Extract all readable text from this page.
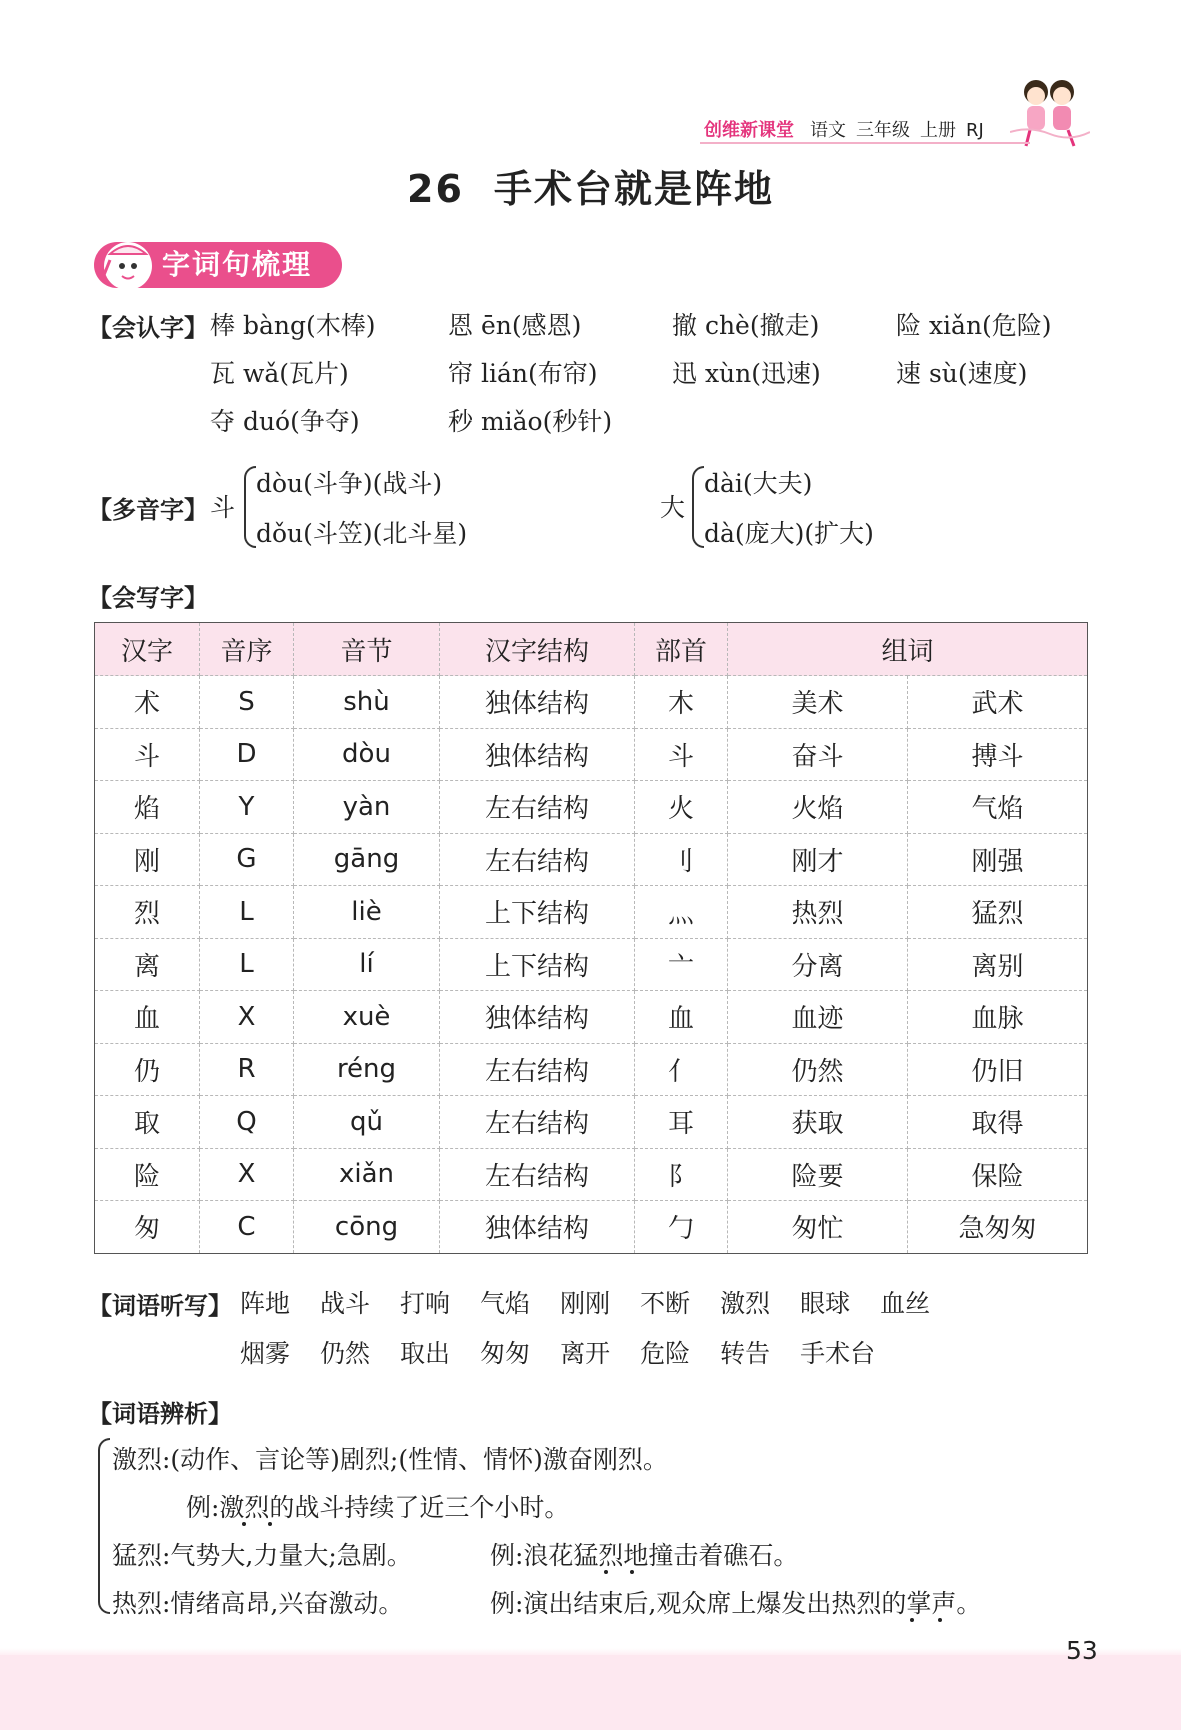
创维新课堂 语文 三年级 上册 RJ
26 手术台就是阵地
字词句梳理
【会认字】 棒 bàng(木棒)	恩 ēn(感恩)	撤 chè(撤走)	险 xiǎn(危险)
瓦 wǎ(瓦片)	帘 lián(布帘)	迅 xùn(迅速)	速 sù(速度)
夺 duó(争夺)	秒 miǎo(秒针)
【多音字】 斗
dòu(斗争)(战斗)
dǒu(斗笠)(北斗星)
大
dài(大夫)
dà(庞大)(扩大)
【会写字】
汉字	音序	音节	汉字结构	部首	组词	
术	S	shù	独体结构	木	美术	武术
斗	D	dòu	独体结构	斗	奋斗	搏斗
焰	Y	yàn	左右结构	火	火焰	气焰
刚	G	gāng	左右结构	刂	刚才	刚强
烈	L	liè	上下结构	灬	热烈	猛烈
离	L	lí	上下结构	亠	分离	离别
血	X	xuè	独体结构	血	血迹	血脉
仍	R	réng	左右结构	亻	仍然	仍旧
取	Q	qǔ	左右结构	耳	获取	取得
险	X	xiǎn	左右结构	阝	险要	保险
匆	C	cōng	独体结构	勹	匆忙	急匆匆
【词语听写】 阵地 战斗 打响 气焰 刚刚 不断 激烈 眼球 血丝
烟雾 仍然 取出 匆匆 离开 危险 转告 手术台
【词语辨析】
激烈:(动作、言论等)剧烈;(性情、情怀)激奋刚烈。
例:激烈的战斗持续了近三个小时。
猛烈:气势大,力量大;急剧。	例:浪花猛烈地撞击着礁石。
热烈:情绪高昂,兴奋激动。	例:演出结束后,观众席上爆发出热烈的掌声。
53
